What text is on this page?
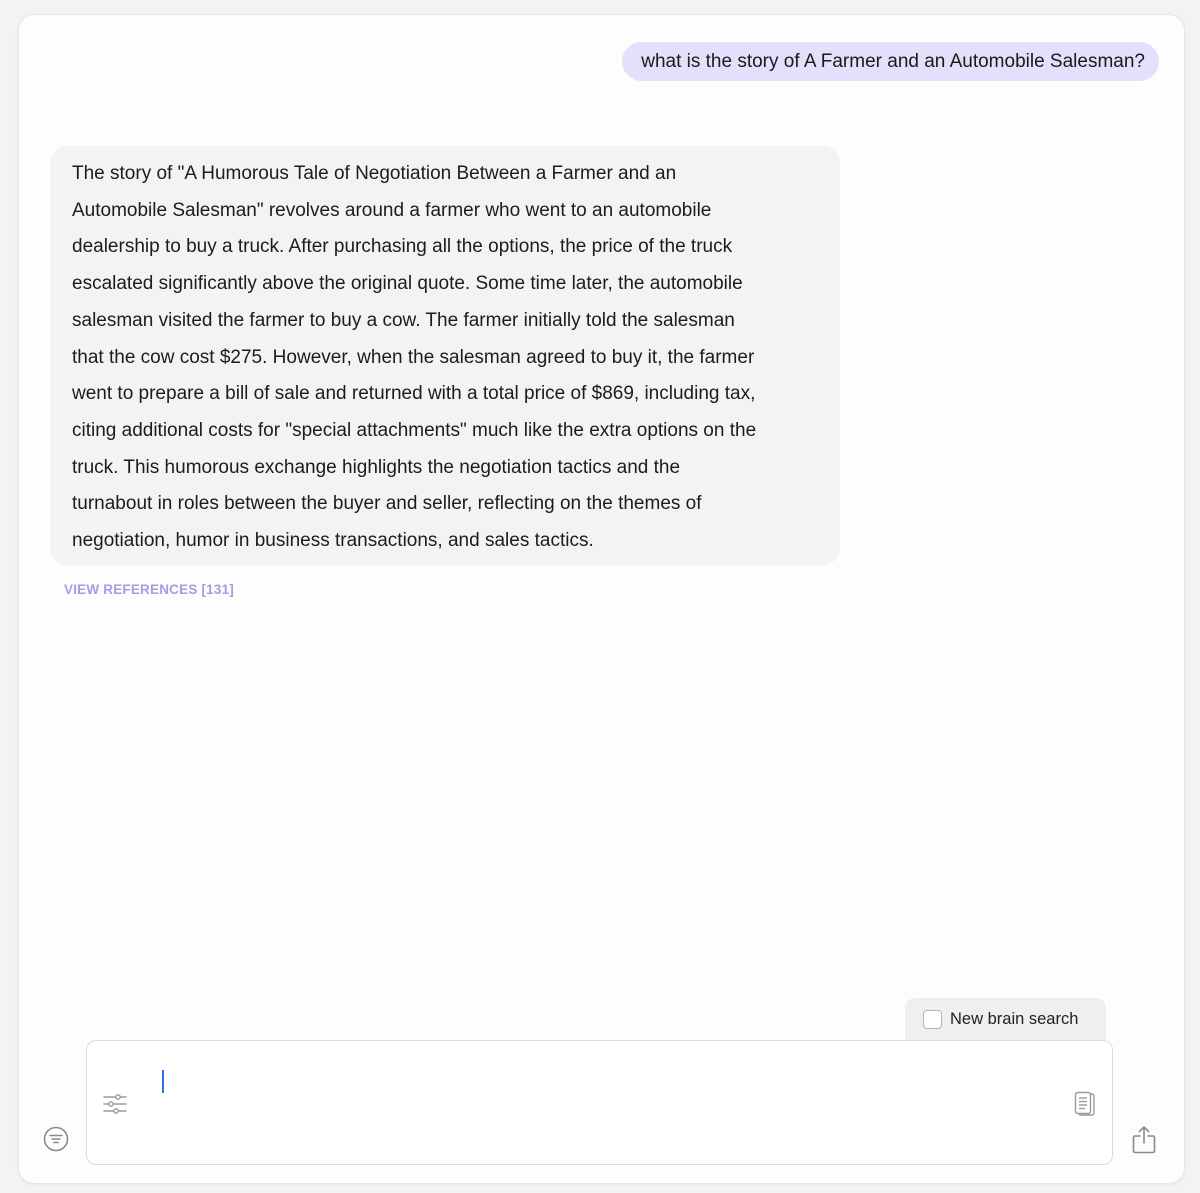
what is the story of A Farmer and an Automobile Salesman?
The story of "A Humorous Tale of Negotiation Between a Farmer and an
Automobile Salesman" revolves around a farmer who went to an automobile
dealership to buy a truck. After purchasing all the options, the price of the truck
escalated significantly above the original quote. Some time later, the automobile
salesman visited the farmer to buy a cow. The farmer initially told the salesman
that the cow cost $275. However, when the salesman agreed to buy it, the farmer
went to prepare a bill of sale and returned with a total price of $869, including tax,
citing additional costs for "special attachments" much like the extra options on the
truck. This humorous exchange highlights the negotiation tactics and the
turnabout in roles between the buyer and seller, reflecting on the themes of
negotiation, humor in business transactions, and sales tactics.
VIEW REFERENCES [131]
New brain search
